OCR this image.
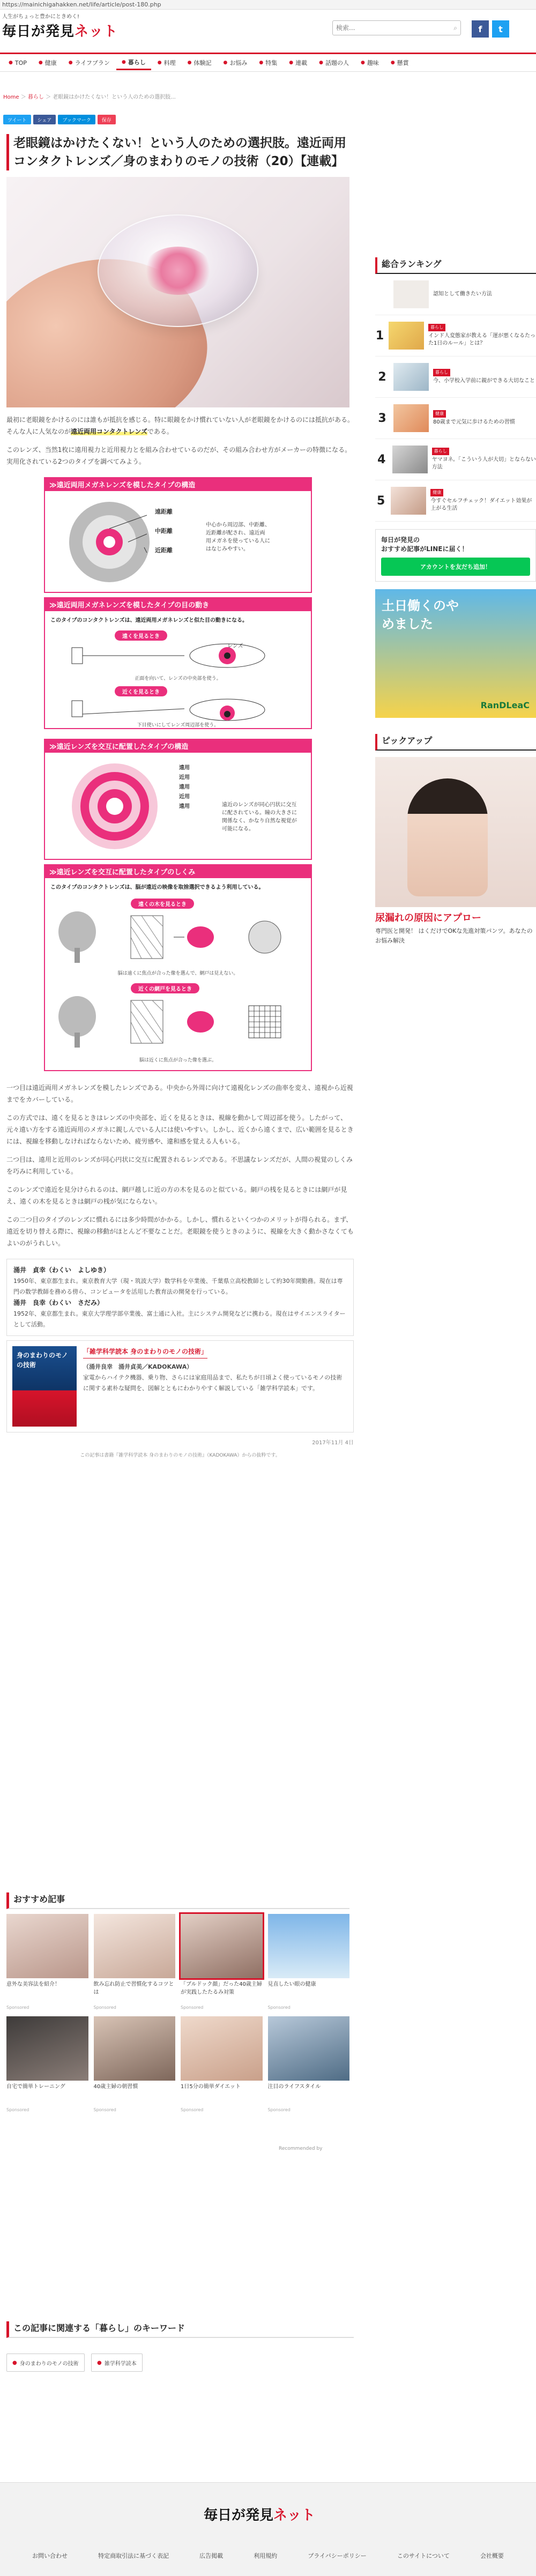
https://mainichigahakken.net/life/article/post-180.php
人生がちょっと豊かにときめく!
毎日が発見 ネット
検索...	⌕	f	t
● TOP ● 健康 ● ライフプラン ● 暮らし ● 料理 ● 体験記 ● お悩み ● 特集 ● 連載 ● 話題の人 ● 趣味 ● 懸賞
Home ＞ 暮らし ＞ 老眼鏡はかけたくない！という人のための選択肢...
ツイート シェア ブックマーク 保存
老眼鏡はかけたくない！という人のための選択肢。遠近両用コンタクトレンズ／身のまわりのモノの技術（20）【連載】

最初に老眼鏡をかけるのには誰もが抵抗を感じる。特に眼鏡をかけ慣れていない人が老眼鏡をかけるのには抵抗がある。そんな人に人気なのが遠近両用コンタクトレンズである。

このレンズ、当然1枚に遠用視力と近用視力とを組み合わせているのだが、その組み合わせ方がメーカーの特徴になる。実用化されている2つのタイプを調べてみよう。

≫遠近両用メガネレンズを模したタイプの構造
遠距離
中距離
近距離
中心から周辺部、中距離、近距離が配され、遠近両用メガネを使っている人にはなじみやすい。
≫遠近両用メガネレンズを模したタイプの目の動き
このタイプのコンタクトレンズは、遠近両用メガネレンズと似た目の動きになる。
遠くを見るとき
レンズ
正面を向いて、レンズの中央部を使う。
近くを見るとき
下目使いにしてレンズ周辺部を使う。
≫遠近レンズを交互に配置したタイプの構造
遠用
近用
遠用
近用
遠用	遠近のレンズが同心円状に交互に配されている。瞳の大きさに関係なく、かなり自然な視覚が可能になる。
≫遠近レンズを交互に配置したタイプのしくみ
このタイプのコンタクトレンズは、脳が遠近の映像を取捨選択できるよう利用している。
遠くの木を見るとき
脳は遠くに焦点が合った像を選んで、網戸は見えない。
近くの網戸を見るとき
脳は近くに焦点が合った像を選ぶ。

一つ目は遠近両用メガネレンズを模したレンズである。中央から外周に向けて遠視化レンズの曲率を変え、遠視から近視までをカバーしている。

この方式では、遠くを見るときはレンズの中央部を、近くを見るときは、視線を動かして周辺部を使う。したがって、元々遠い方をする遠近両用のメガネに親しんでいる人には使いやすい。しかし、近くから遠くまで、広い範囲を見るときには、視線を移動しなければならないため、疲労感や、違和感を覚える人もいる。

二つ目は、遠用と近用のレンズが同心円状に交互に配置されるレンズである。不思議なレンズだが、人間の視覚のしくみを巧みに利用している。

このレンズで遠近を見分けられるのは、網戸越しに近の方の木を見るのと似ている。網戸の桟を見るときには網戸が見え、遠くの木を見るときは網戸の桟が気にならない。

この二つ目のタイプのレンズに慣れるには多少時間がかかる。しかし、慣れるといくつかのメリットが得られる。まず、遠近を切り替える際に、視線の移動がほとんど不要なことだ。老眼鏡を使うときのように、視線を大きく動かさなくてもよいのがうれしい。

涌井　貞幸（わくい　よしゆき）
1950年、東京都生まれ。東京教育大学（現・筑波大学）数学科を卒業後、千葉県立高校教師として約30年間勤務。現在は専門の数学教師を務める傍ら、コンピュータを活用した教育法の開発を行っている。
涌井　良幸（わくい　さだみ）
1952年、東京都生まれ。東京大学理学部卒業後、富士通に入社。主にシステム開発などに携わる。現在はサイエンスライターとして活動。
身のまわりのモノの技術
「雑学科学読本 身のまわりのモノの技術」
（涌井良幸　涌井貞美／KADOKAWA）
家電からハイテク機器、乗り物、さらには家庭用品まで、私たちが日頃よく使っているモノの技術に関する素朴な疑問を、図解とともにわかりやすく解説している「雑学科学読本」です。
2017年11月 4日
この記事は書籍『雑学科学読本 身のまわりのモノの技術』（KADOKAWA）からの抜粋です。
おすすめ記事
意外な美容法を紹介！
Sponsored
飲み忘れ防止で習慣化するコツとは
Sponsored
「ブルドック顔」だった40歳主婦が実践したたるみ対策
Sponsored
見直したい眼の健康
Sponsored
自宅で簡単トレーニング
Sponsored
40歳主婦の朝習慣
Sponsored
1日5分の簡単ダイエット
Sponsored
注目のライフスタイル
Sponsored
Recommended by
この記事に関連する「暮らし」のキーワード
● 身のまわりのモノの技術	● 雑学科学読本
総合ランキング
認知として働きたい方法
1
暮らし
インド人変態家が教える「運が悪くなるたった1日のルール」とは？
2	暮らし
今、小学校入学前に親ができる大切なこと
3	健康
80歳まで元気に歩けるための習慣
4
暮らし
ヤマヨネ。「こういう人が大切」とならない方法
5
健康
今すぐセルフチェック！ダイエット効果が上がる生活
毎日が発見の
おすすめ記事がLINEに届く！
アカウントを友だち追加！
土日働くのやめました
RanDLeaC
ピックアップ
尿漏れの原因にアプロー
専門医と開発！ はくだけでOKな先進対策パンツ。あなたのお悩み解決
毎日が発見ネット
お問い合わせ	特定商取引法に基づく表記	広告掲載	利用規約	プライバシーポリシー	このサイトについて	会社概要
